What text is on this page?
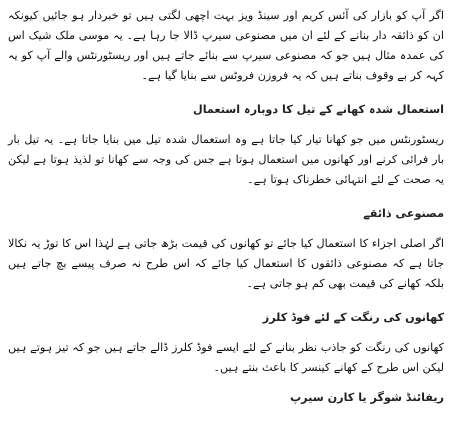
اگر آپ کو بازار کی آئس کریم اور سینڈ ویز بہت اچھی لگتی ہیں تو خبردار ہو جائیں کیونکہ ان کو ذائقہ دار بنانے کے لئے ان میں مصنوعی سیرپ ڈالا جا رہا ہے۔ یہ موسی ملک شیک اس کی عمدہ مثال ہیں جو کہ مصنوعی سیرپ سے بنائے جاتے ہیں اور ریسٹورنٹس والے آپ کو یہ کہہ کر بے وقوف بناتے ہیں کہ یہ فروزن فروٹس سے بنایا گیا ہے۔

استعمال شدہ کھانے کے تیل کا دوبارہ استعمال

ریسٹورنٹس میں جو کھانا تیار کیا جاتا ہے وہ استعمال شدہ تیل میں بنایا جاتا ہے۔ یہ تیل بار بار فرائی کرنے اور کھانوں میں استعمال ہوتا ہے جس کی وجہ سے کھانا تو لذیذ ہوتا ہے لیکن یہ صحت کے لئے انتہائی خطرناک ہوتا ہے۔

مصنوعی ذائقے

اگر اصلی اجزاء کا استعمال کیا جائے تو کھانوں کی قیمت بڑھ جاتی ہے لہٰذا اس کا توڑ یہ نکالا جاتا ہے کہ مصنوعی ذائقوں کا استعمال کیا جائے کہ اس طرح نہ صرف پیسے بچ جاتے ہیں بلکہ کھانے کی قیمت بھی کم ہو جاتی ہے۔

کھانوں کی رنگت کے لئے فوڈ کلرز

کھانوں کی رنگت کو جاذب نظر بنانے کے لئے ایسے فوڈ کلرز ڈالے جاتے ہیں جو کہ تیز ہوتے ہیں لیکن اس طرح کے کھانے کینسر کا باعث بنتے ہیں۔

ریفائنڈ شوگر یا کارن سیرپ
